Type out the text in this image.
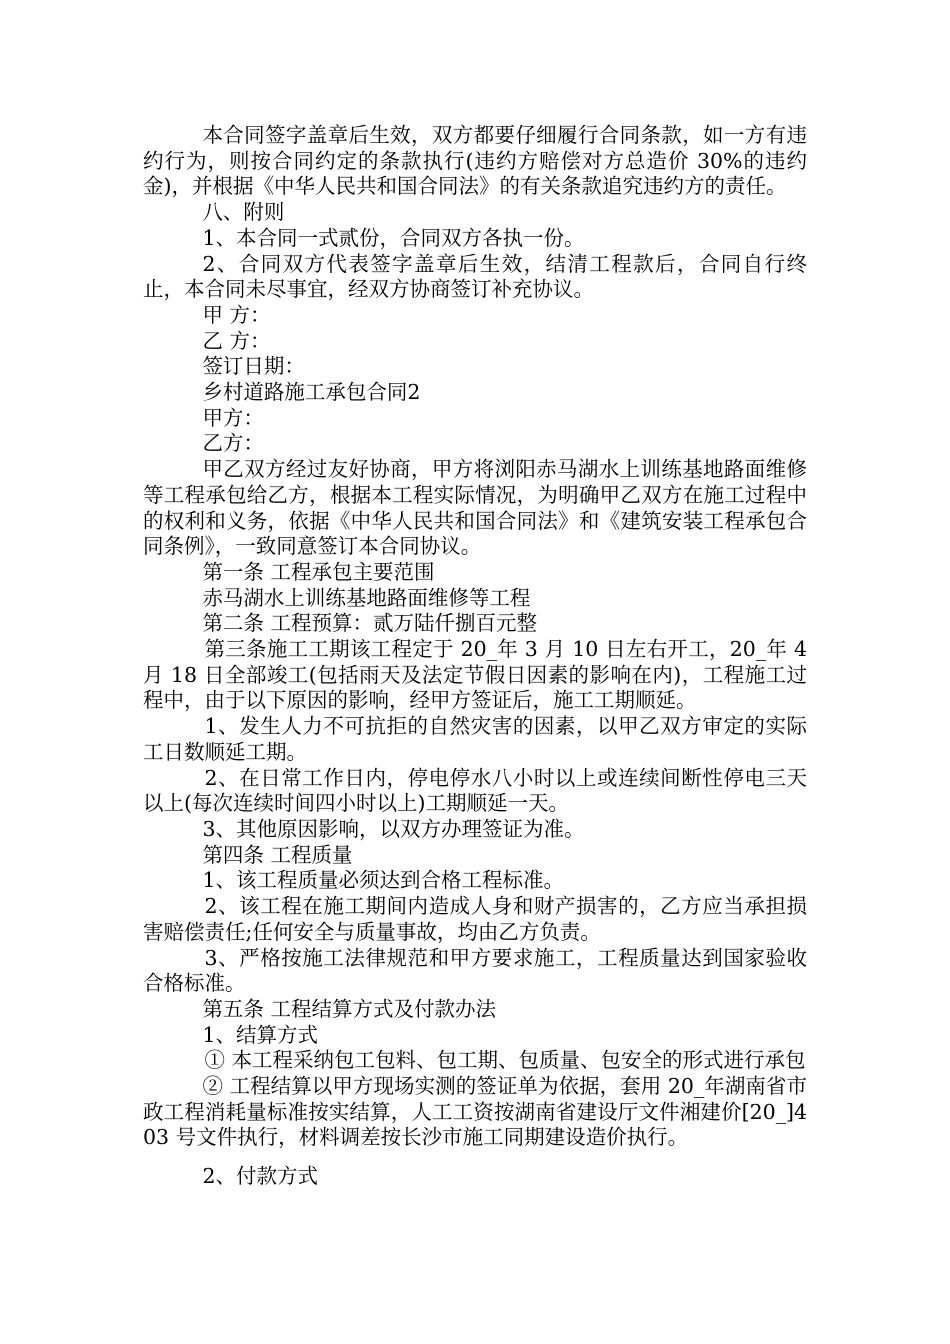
本合同签字盖章后生效，双方都要仔细履行合同条款，如一方有违约行为，则按合同约定的条款执行(违约方赔偿对方总造价 30%的违约金)，并根据《中华人民共和国合同法》的有关条款追究违约方的责任。

八、附则

1、本合同一式贰份，合同双方各执一份。

2、合同双方代表签字盖章后生效，结清工程款后，合同自行终止，本合同未尽事宜，经双方协商签订补充协议。

甲 方：

乙 方：

签订日期：

乡村道路施工承包合同2

甲方：

乙方：

甲乙双方经过友好协商，甲方将浏阳赤马湖水上训练基地路面维修等工程承包给乙方，根据本工程实际情况，为明确甲乙双方在施工过程中的权利和义务，依据《中华人民共和国合同法》和《建筑安装工程承包合同条例》，一致同意签订本合同协议。

第一条 工程承包主要范围

赤马湖水上训练基地路面维修等工程

第二条 工程预算：贰万陆仟捌百元整

第三条施工工期该工程定于 20_年 3 月 10 日左右开工，20_年 4 月 18 日全部竣工(包括雨天及法定节假日因素的影响在内)，工程施工过程中，由于以下原因的影响，经甲方签证后，施工工期顺延。

1、发生人力不可抗拒的自然灾害的因素，以甲乙双方审定的实际工日数顺延工期。

2、在日常工作日内，停电停水八小时以上或连续间断性停电三天以上(每次连续时间四小时以上)工期顺延一天。

3、其他原因影响，以双方办理签证为准。

第四条 工程质量

1、该工程质量必须达到合格工程标准。

2、该工程在施工期间内造成人身和财产损害的，乙方应当承担损害赔偿责任;任何安全与质量事故，均由乙方负责。

3、严格按施工法律规范和甲方要求施工，工程质量达到国家验收合格标准。

第五条 工程结算方式及付款办法

1、结算方式

① 本工程采纳包工包料、包工期、包质量、包安全的形式进行承包

② 工程结算以甲方现场实测的签证单为依据，套用 20_年湖南省市政工程消耗量标准按实结算，人工工资按湖南省建设厅文件湘建价[20_]403 号文件执行，材料调差按长沙市施工同期建设造价执行。

2、付款方式
